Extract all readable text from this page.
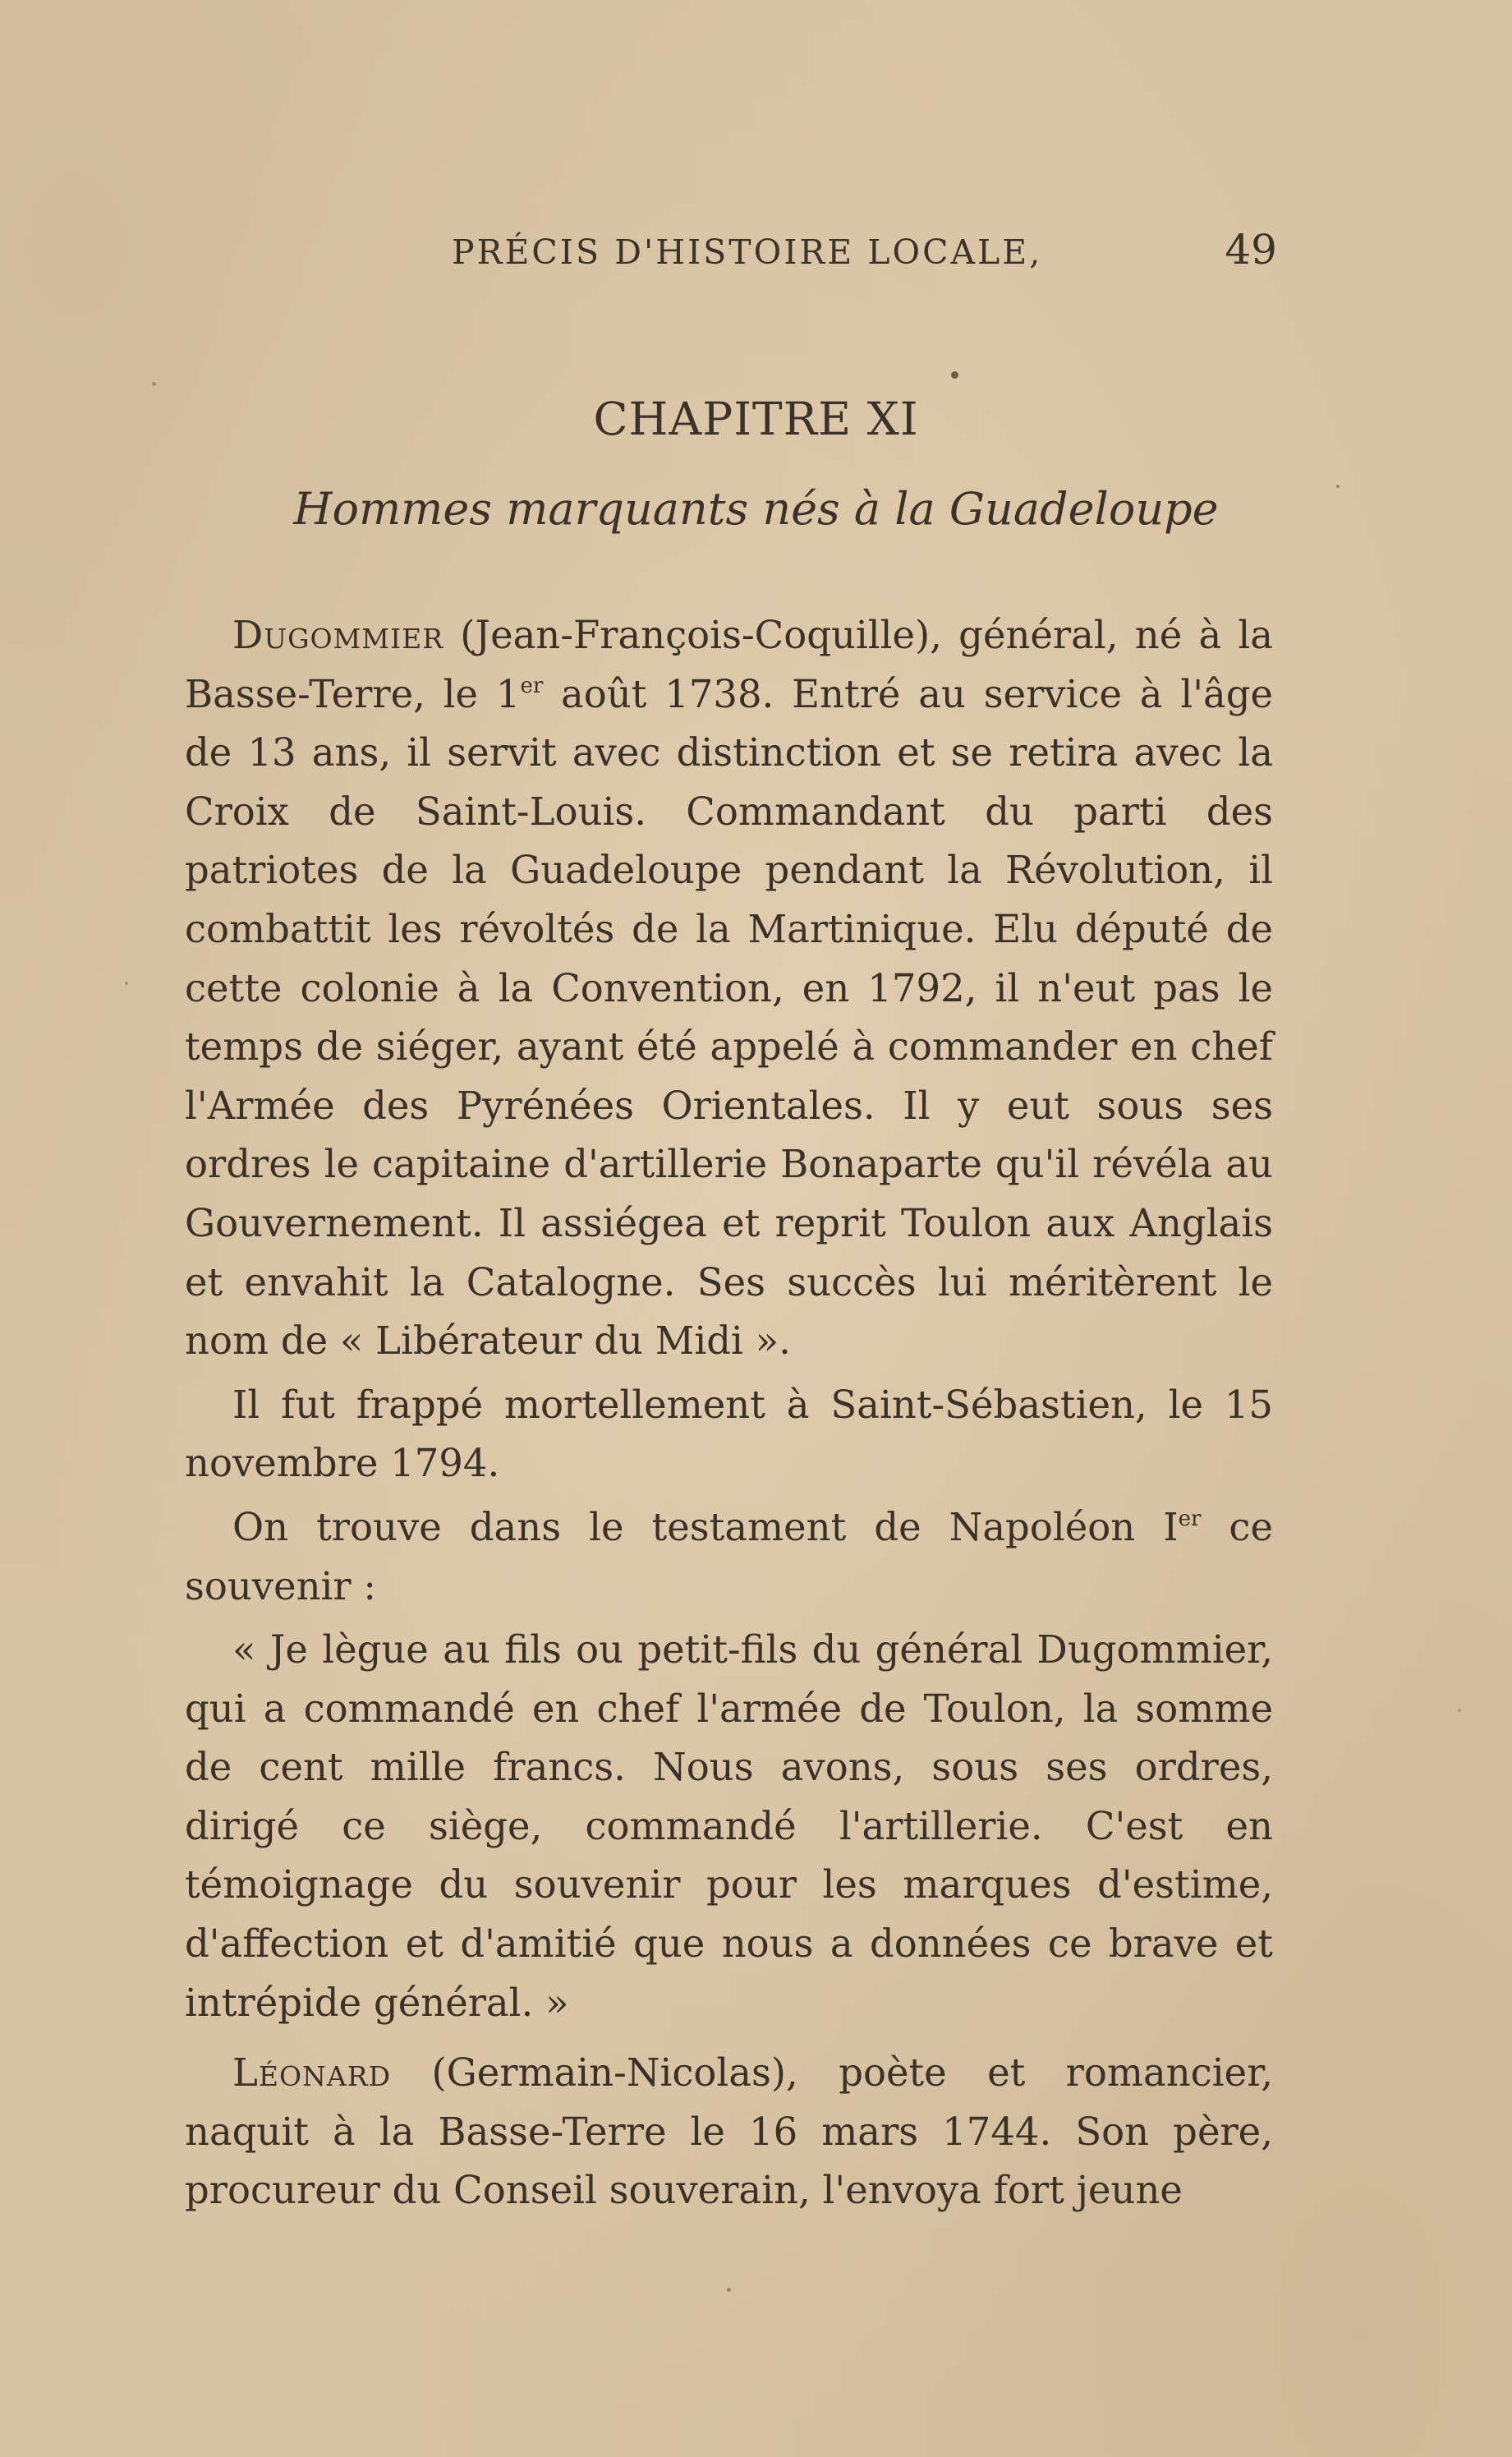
PRÉCIS D'HISTOIRE LOCALE,	49
CHAPITRE XI
Hommes marquants nés à la Guadeloupe

Dugommier (Jean-François-Coquille), général, né à la Basse-Terre, le 1er août 1738. Entré au service à l'âge de 13 ans, il servit avec distinction et se retira avec la Croix de Saint-Louis. Commandant du parti des patriotes de la Guadeloupe pendant la Révolution, il combattit les révoltés de la Martinique. Elu député de cette colonie à la Convention, en 1792, il n'eut pas le temps de siéger, ayant été appelé à commander en chef l'Armée des Pyrénées Orientales. Il y eut sous ses ordres le capitaine d'artillerie Bonaparte qu'il révéla au Gouvernement. Il assiégea et reprit Toulon aux Anglais et envahit la Catalogne. Ses succès lui méritèrent le nom de « Libérateur du Midi ».

Il fut frappé mortellement à Saint-Sébastien, le 15 novembre 1794.

On trouve dans le testament de Napoléon Ier ce souvenir :

« Je lègue au fils ou petit-fils du général Dugommier, qui a commandé en chef l'armée de Toulon, la somme de cent mille francs. Nous avons, sous ses ordres, dirigé ce siège, commandé l'artillerie. C'est en témoignage du souvenir pour les marques d'estime, d'affection et d'amitié que nous a données ce brave et intrépide général. »

Léonard (Germain-Nicolas), poète et romancier, naquit à la Basse-Terre le 16 mars 1744. Son père, procureur du Conseil souverain, l'envoya fort jeune
